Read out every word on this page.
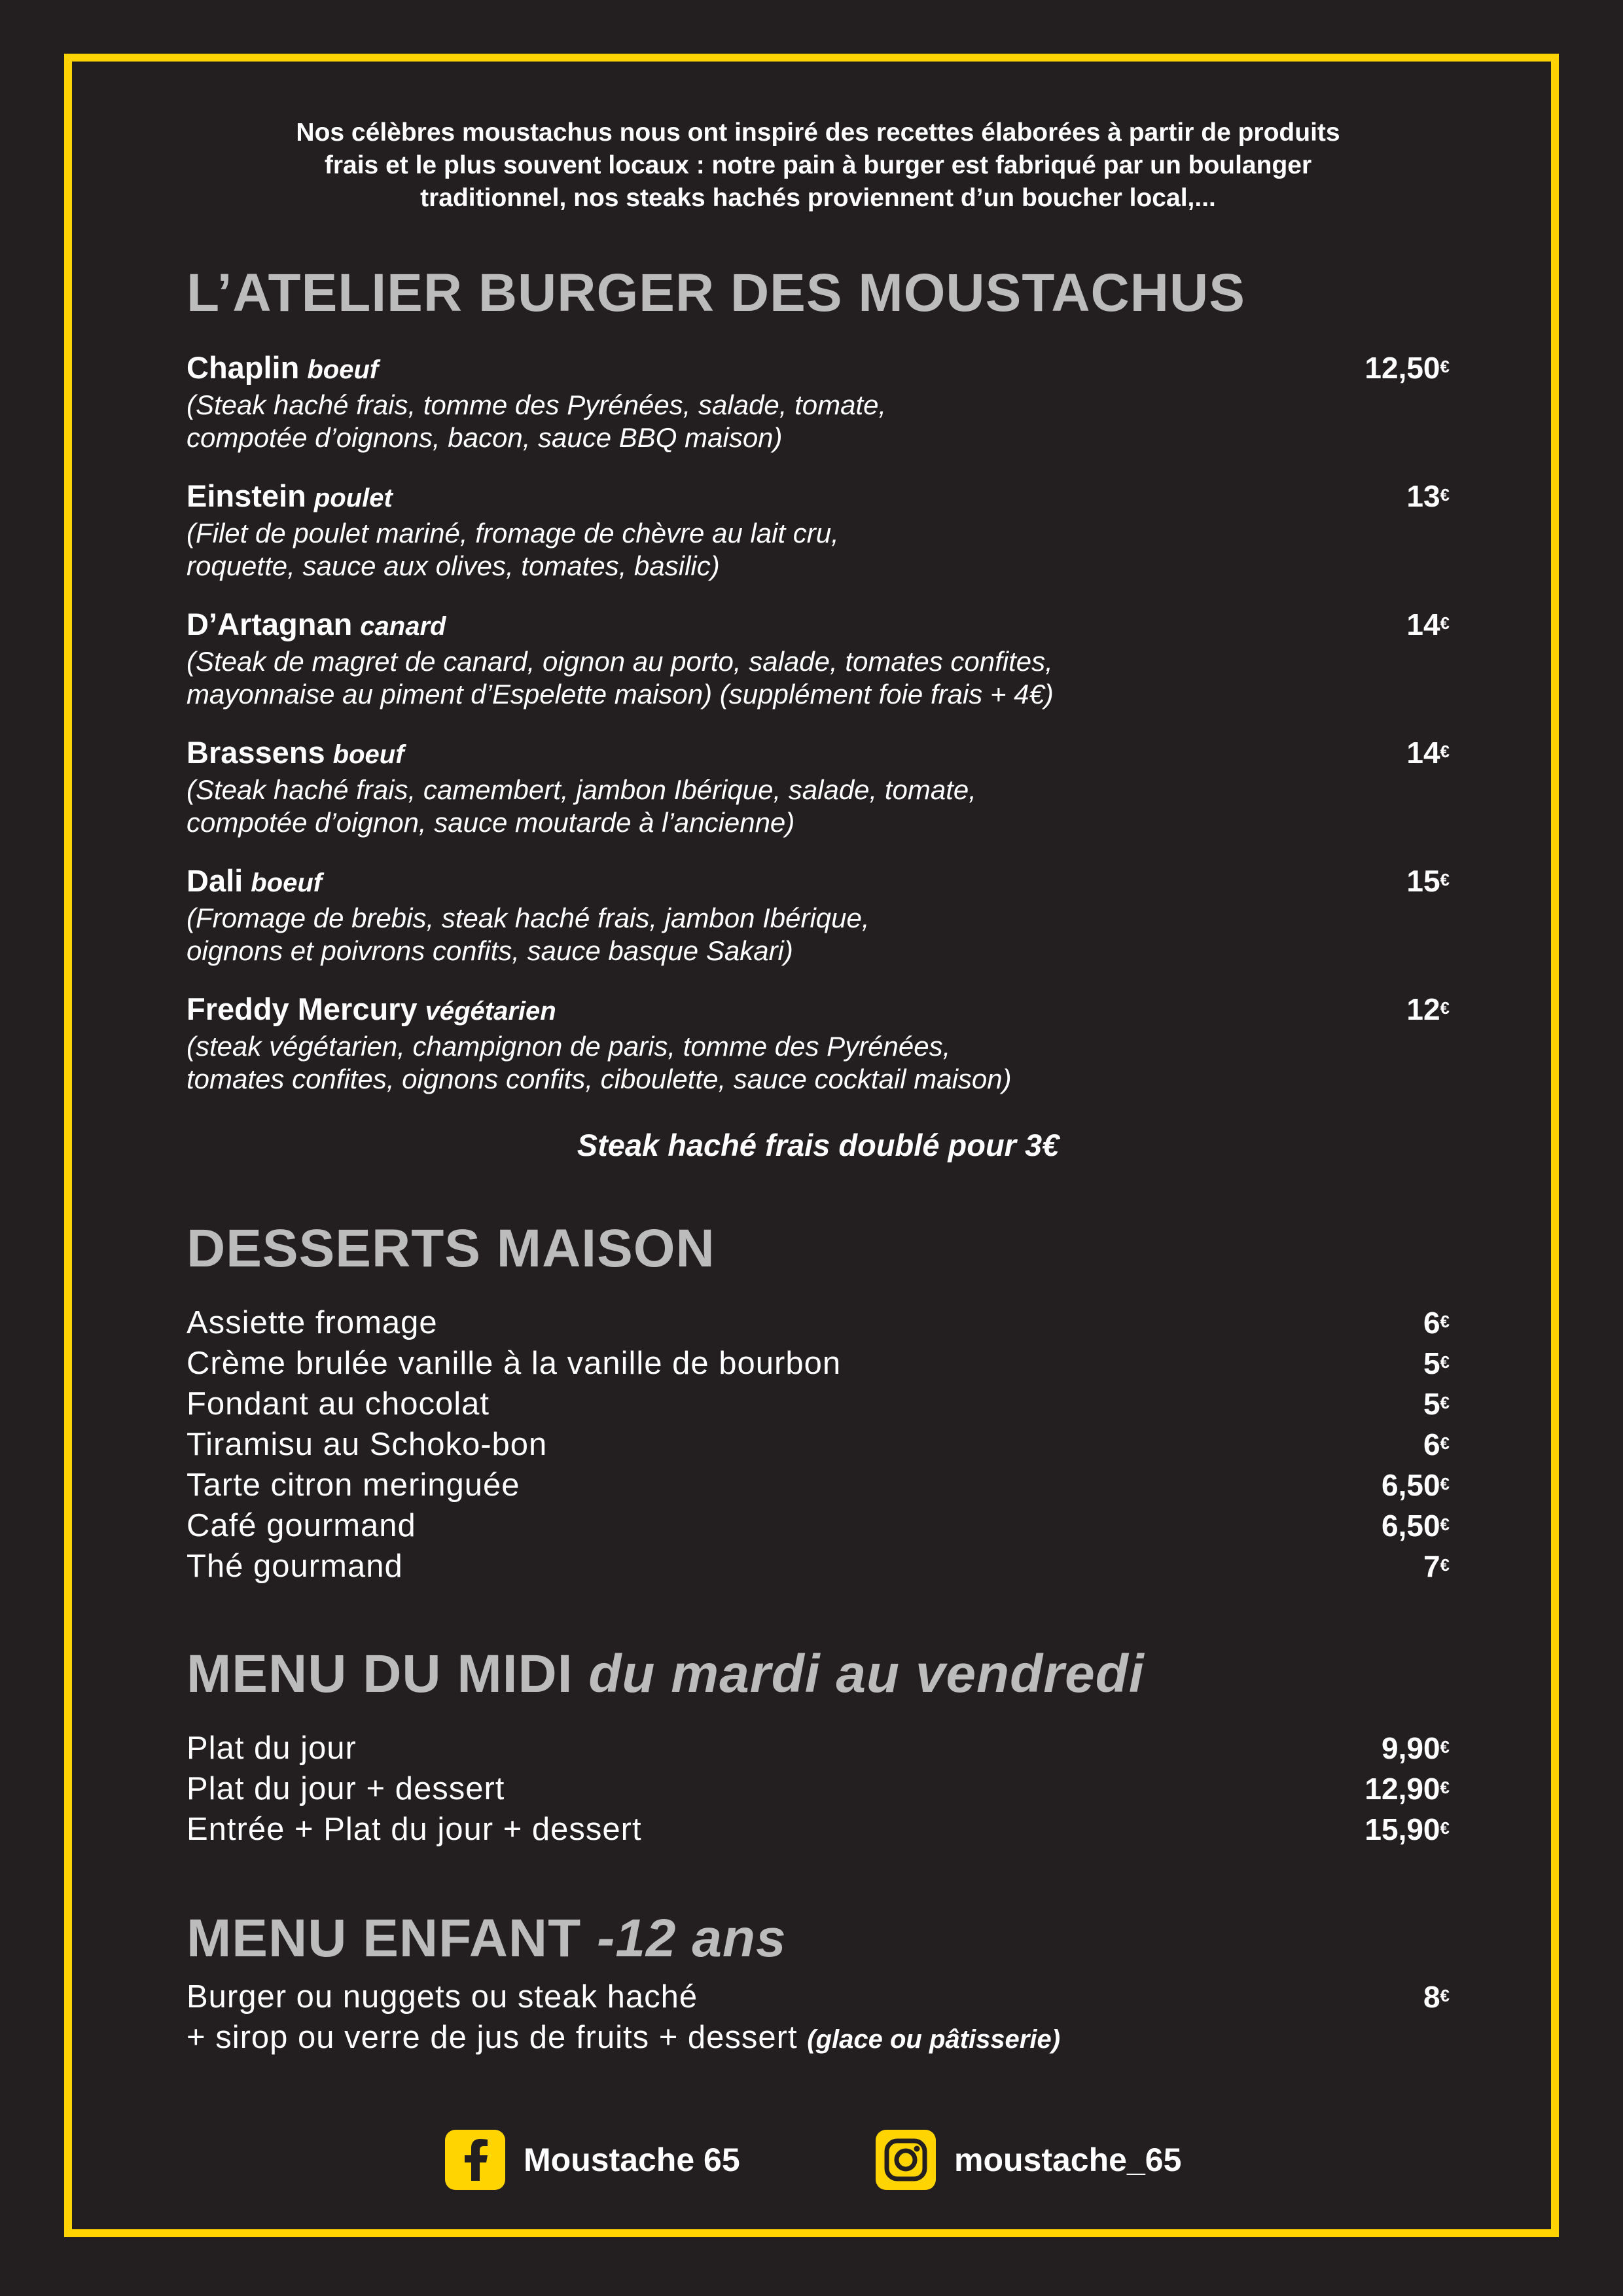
Nos célèbres moustachus nous ont inspiré des recettes élaborées à partir de produits
frais et le plus souvent locaux : notre pain à burger est fabriqué par un boulanger
traditionnel, nos steaks hachés proviennent d’un boucher local,...
L’ATELIER BURGER DES MOUSTACHUS
Chaplin boeuf
(Steak haché frais, tomme des Pyrénées, salade, tomate,
compotée d’oignons, bacon, sauce BBQ maison)
12,50€
Einstein poulet
(Filet de poulet mariné, fromage de chèvre au lait cru,
roquette, sauce aux olives, tomates, basilic)
13€
D’Artagnan canard
(Steak de magret de canard, oignon au porto, salade, tomates confites,
mayonnaise au piment d’Espelette maison) (supplément foie frais + 4€)
14€
Brassens boeuf
(Steak haché frais, camembert, jambon Ibérique, salade, tomate,
compotée d’oignon, sauce moutarde à l’ancienne)
14€
Dali boeuf
(Fromage de brebis, steak haché frais, jambon Ibérique,
oignons et poivrons confits, sauce basque Sakari)
15€
Freddy Mercury végétarien
(steak végétarien, champignon de paris, tomme des Pyrénées,
tomates confites, oignons confits, ciboulette, sauce cocktail maison)
12€
Steak haché frais doublé pour 3€
DESSERTS MAISON
Assiette fromage	6€
Crème brulée vanille à la vanille de bourbon	5€
Fondant au chocolat	5€
Tiramisu au Schoko-bon	6€
Tarte citron meringuée	6,50€
Café gourmand	6,50€
Thé gourmand	7€
MENU DU MIDI du mardi au vendredi
Plat du jour	9,90€
Plat du jour + dessert	12,90€
Entrée + Plat du jour + dessert	15,90€
MENU ENFANT -12 ans
Burger ou nuggets ou steak haché
+ sirop ou verre de jus de fruits + dessert (glace ou pâtisserie)
8€
Moustache 65	moustache_65
